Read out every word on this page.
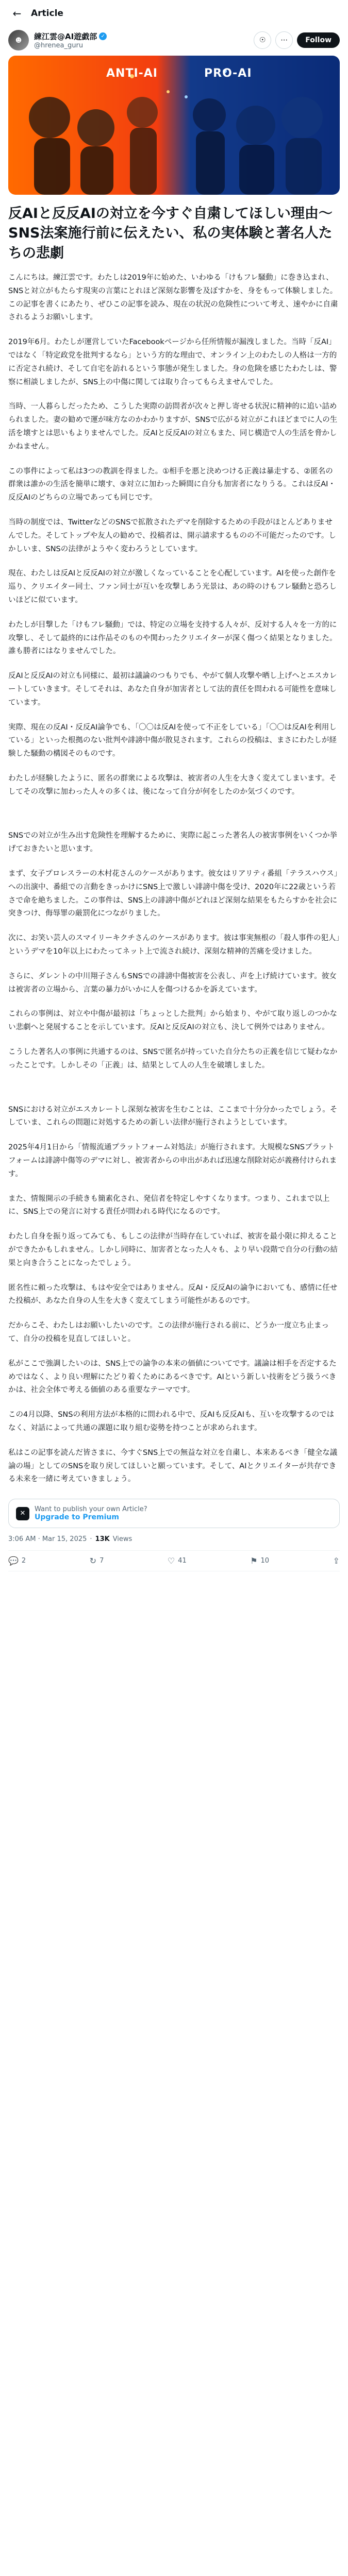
←	Article
☻	練江雲@AI遊戯部 ✓
@hrenea_guru
☉	⋯	Follow
ANTI-AI	PRO-AI
反AIと反反AIの対立を今すぐ自粛してほしい理由〜SNS法案施行前に伝えたい、私の実体験と著名人たちの悲劇

こんにちは。練江雲です。わたしは2019年に始めた、いわゆる「けもフレ騒動」に巻き込まれ、SNSと対立がもたらす現実の言葉にとれほど深刻な影響を及ぼすかを、身をもって体験しました。この記事を書くにあたり、ぜひこの記事を読み、現在の状況の危険性について考え、速やかに自粛されるようお願いします。

2019年6月。わたしが運営していたFacebookページから任所情報が漏洩しました。当時「反AI」ではなく「特定政党を批判するなら」という方的な理由で、オンライン上のわたしの人格は一方的に否定され続け、そして自宅を訪れるという事態が発生しました。身の危険を感じたわたしは、警察に相談しましたが、SNS上の中傷に関しては取り合ってもらえませんでした。

当時、一人暮らしだったため、こうした実際の訪問者が次々と押し寄せる状況に精神的に追い詰められました。妻の勧めで運が味方なのかわかりますが、SNSで広がる対立がこれほどまでに人の生活を壊すとは思いもよりませんでした。反AIと反反AIの対立もまた、同じ構造で人の生活を脅かしかねません。

この事件によって私は3つの教訓を得ました。①相手を悪と決めつける正義は暴走する、②匿名の群衆は誰かの生活を簡単に壊す、③対立に加わった瞬間に自分も加害者になりうる。これは反AI・反反AIのどちらの立場であっても同じです。

当時の制度では、TwitterなどのSNSで拡散されたデマを削除するための手段がほとんどありませんでした。そしてトップや友人の勧めで、投稿者は、開示請求するものの不可能だったのです。しかしいま、SNSの法律がようやく変わろうとしています。

現在、わたしは反AIと反反AIの対立が激しくなっていることを心配しています。AIを使った創作を巡り、クリエイター同士、ファン同士が互いを攻撃しあう光景は、あの時のけもフレ騒動と恐ろしいほどに似ています。

わたしが目撃した「けもフレ騒動」では、特定の立場を支持する人々が、反対する人々を一方的に攻撃し、そして最終的には作品そのものや関わったクリエイターが深く傷つく結果となりました。誰も勝者にはなりませんでした。

反AIと反反AIの対立も同様に、最初は議論のつもりでも、やがて個人攻撃や晒し上げへとエスカレートしていきます。そしてそれは、あなた自身が加害者として法的責任を問われる可能性を意味しています。

実際、現在の反AI・反反AI論争でも、「〇〇は反AIを使って不正をしている」「〇〇は反AIを利用している」といった根拠のない批判や誹謗中傷が散見されます。これらの投稿は、まさにわたしが経験した騒動の構図そのものです。

わたしが経験したように、匿名の群衆による攻撃は、被害者の人生を大きく変えてしまいます。そしてその攻撃に加わった人々の多くは、後になって自分が何をしたのか気づくのです。

SNSでの対立が生み出す危険性を理解するために、実際に起こった著名人の被害事例をいくつか挙げておきたいと思います。

まず、女子プロレスラーの木村花さんのケースがあります。彼女はリアリティ番組「テラスハウス」への出演中、番組での言動をきっかけにSNS上で激しい誹謗中傷を受け、2020年に22歳という若さで命を絶ちました。この事件は、SNS上の誹謗中傷がどれほど深刻な結果をもたらすかを社会に突きつけ、侮辱罪の厳罰化につながりました。

次に、お笑い芸人のスマイリーキクチさんのケースがあります。彼は事実無根の「殺人事件の犯人」というデマを10年以上にわたってネット上で流され続け、深刻な精神的苦痛を受けました。

さらに、ダレントの中川翔子さんもSNSでの誹謗中傷被害を公表し、声を上げ続けています。彼女は被害者の立場から、言葉の暴力がいかに人を傷つけるかを訴えています。

これらの事例は、対立や中傷が最初は「ちょっとした批判」から始まり、やがて取り返しのつかない悲劇へと発展することを示しています。反AIと反反AIの対立も、決して例外ではありません。

こうした著名人の事例に共通するのは、SNSで匿名が持っていた自分たちの正義を信じて疑わなかったことです。しかしその「正義」は、結果として人の人生を破壊しました。

SNSにおける対立がエスカレートし深刻な被害を生むことは、ここまで十分分かったでしょう。そしていま、これらの問題に対処するための新しい法律が施行されようとしています。

2025年4月1日から「情報流通プラットフォーム対処法」が施行されます。大規模なSNSプラットフォームは誹謗中傷等のデマに対し、被害者からの申出があれば迅速な削除対応が義務付けられます。

また、情報開示の手続きも簡素化され、発信者を特定しやすくなります。つまり、これまで以上に、SNS上での発言に対する責任が問われる時代になるのです。

わたし自身を振り返ってみても、もしこの法律が当時存在していれば、被害を最小限に抑えることができたかもしれません。しかし同時に、加害者となった人々も、より早い段階で自分の行動の結果と向き合うことになったでしょう。

匿名性に頼った攻撃は、もはや安全ではありません。反AI・反反AIの論争においても、感情に任せた投稿が、あなた自身の人生を大きく変えてしまう可能性があるのです。

だからこそ、わたしはお願いしたいのです。この法律が施行される前に、どうか一度立ち止まって、自分の投稿を見直してほしいと。

私がここで強調したいのは、SNS上での論争の本来の価値についてです。議論は相手を否定するためではなく、より良い理解にたどり着くためにあるべきです。AIという新しい技術をどう扱うべきかは、社会全体で考える価値のある重要なテーマです。

この4月以降、SNSの利用方法が本格的に問われる中で、反AIも反反AIも、互いを攻撃するのではなく、対話によって共通の課題に取り組む姿勢を持つことが求められます。

私はこの記事を読んだ皆さまに、今すぐSNS上での無益な対立を自粛し、本来あるべき「健全な議論の場」としてのSNSを取り戻してほしいと願っています。そして、AIとクリエイターが共存できる未来を一緒に考えていきましょう。

✕
Want to publish your own Article?
Upgrade to Premium
3:06 AM · Mar 15, 2025 · 13K Views
💬 2	↻ 7	♡ 41	⚑ 10	⇪
